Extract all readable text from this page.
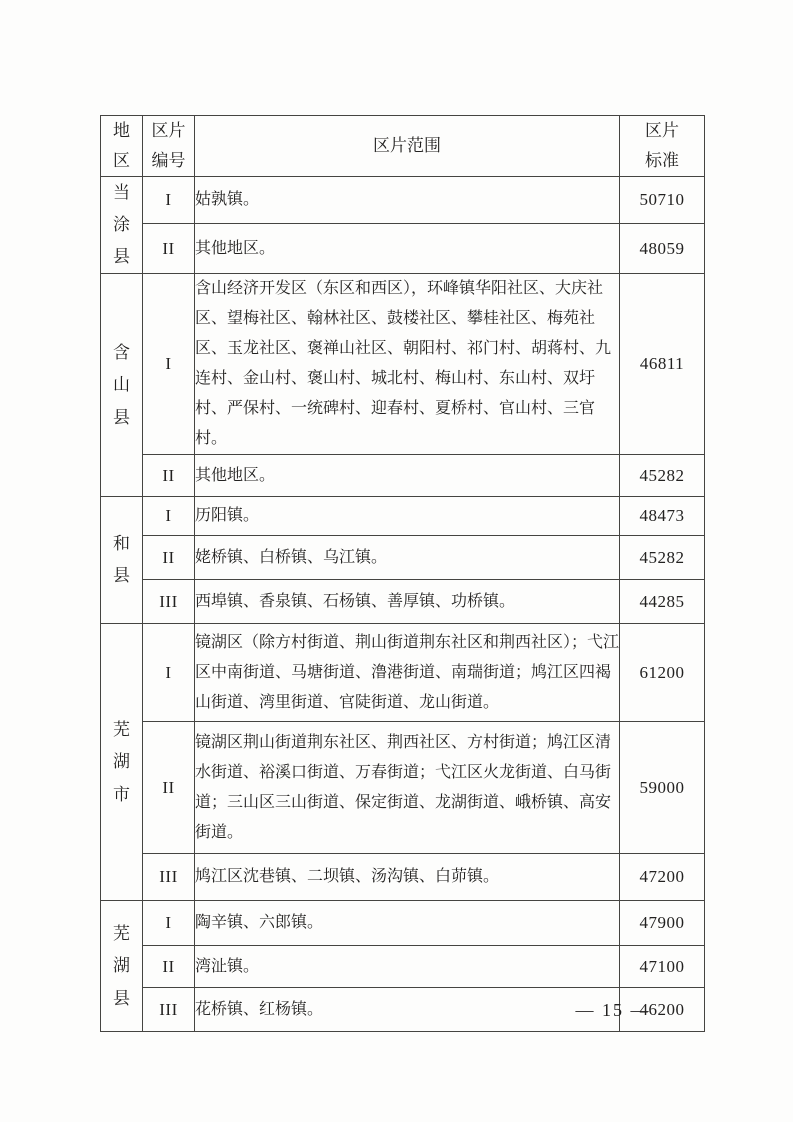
地区	区片编号	区片范围	区片标准

当涂县	I	姑孰镇。	50710
	II	其他地区。	48059

含山县	I	含山经济开发区（东区和西区），环峰镇华阳社区、大庆社区、望梅社区、翰林社区、鼓楼社区、攀桂社区、梅苑社区、玉龙社区、褒禅山社区、朝阳村、祁门村、胡蒋村、九连村、金山村、褒山村、城北村、梅山村、东山村、双圩村、严保村、一统碑村、迎春村、夏桥村、官山村、三官村。	46811
	II	其他地区。	45282

和县	I	历阳镇。	48473
	II	姥桥镇、白桥镇、乌江镇。	45282
	III	西埠镇、香泉镇、石杨镇、善厚镇、功桥镇。	44285

芜湖市	I	镜湖区（除方村街道、荆山街道荆东社区和荆西社区）；弋江区中南街道、马塘街道、澛港街道、南瑞街道；鸠江区四褐山街道、湾里街道、官陡街道、龙山街道。	61200
	II	镜湖区荆山街道荆东社区、荆西社区、方村街道；鸠江区清水街道、裕溪口街道、万春街道；弋江区火龙街道、白马街道；三山区三山街道、保定街道、龙湖街道、峨桥镇、高安街道。	59000
	III	鸠江区沈巷镇、二坝镇、汤沟镇、白茆镇。	47200

芜湖县	I	陶辛镇、六郎镇。	47900
	II	湾沚镇。	47100
	III	花桥镇、红杨镇。	46200
— 15 —
